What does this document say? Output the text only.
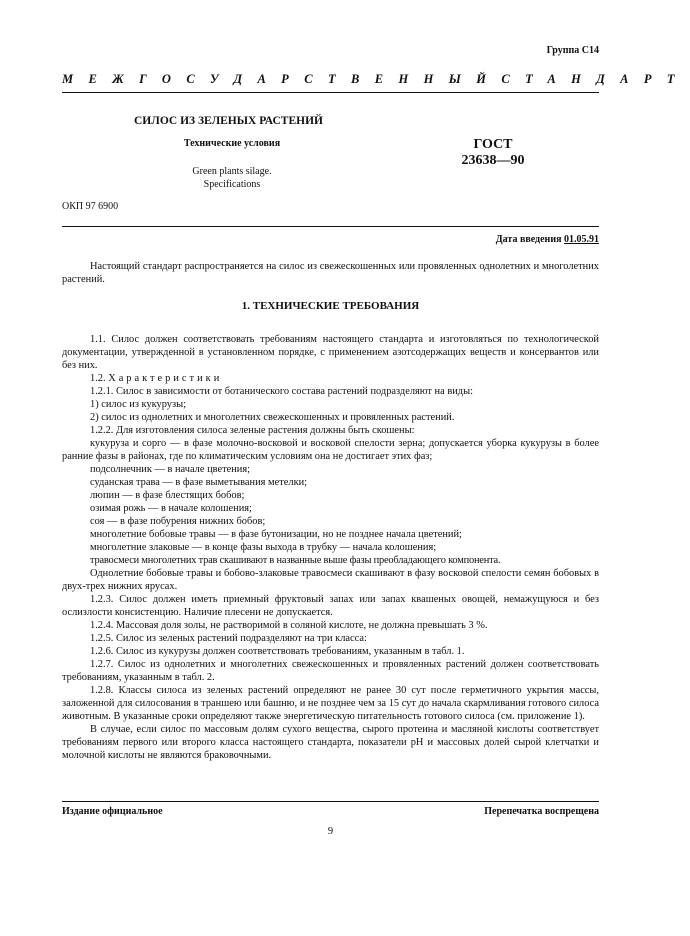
Группа С14
МЕЖГОСУДАРСТВЕННЫЙ СТАНДАРТ
СИЛОС ИЗ ЗЕЛЕНЫХ РАСТЕНИЙ
Технические условия
Green plants silage.
Specifications
ГОСТ
23638—90
ОКП 97 6900
Дата введения 01.05.91

Настоящий стандарт распространяется на силос из свежескошенных или провяленных однолетних и многолетних растений.

1. ТЕХНИЧЕСКИЕ ТРЕБОВАНИЯ

1.1. Силос должен соответствовать требованиям настоящего стандарта и изготовляться по технологической документации, утвержденной в установленном порядке, с применением азотсодержащих веществ и консервантов или без них.

1.2. Характеристики

1.2.1. Силос в зависимости от ботанического состава растений подразделяют на виды:

1) силос из кукурузы;

2) силос из однолетних и многолетних свежескошенных и провяленных растений.

1.2.2. Для изготовления силоса зеленые растения должны быть скошены:

кукуруза и сорго — в фазе молочно-восковой и восковой спелости зерна; допускается уборка кукурузы в более ранние фазы в районах, где по климатическим условиям она не достигает этих фаз;

подсолнечник — в начале цветения;

суданская трава — в фазе выметывания метелки;

люпин — в фазе блестящих бобов;

озимая рожь — в начале колошения;

соя — в фазе побурения нижних бобов;

многолетние бобовые травы — в фазе бутонизации, но не позднее начала цветений;

многолетние злаковые — в конце фазы выхода в трубку — начала колошения;

травосмеси многолетних трав скашивают в названные выше фазы преобладающего компонента.

Однолетние бобовые травы и бобово-злаковые травосмеси скашивают в фазу восковой спелости семян бобовых в двух-трех нижних ярусах.

1.2.3. Силос должен иметь приемный фруктовый запах или запах квашеных овощей, немажущуюся и без ослизлости консистенцию. Наличие плесени не допускается.

1.2.4. Массовая доля золы, не растворимой в соляной кислоте, не должна превышать 3 %.

1.2.5. Силос из зеленых растений подразделяют на три класса:

1.2.6. Силос из кукурузы должен соответствовать требованиям, указанным в табл. 1.

1.2.7. Силос из однолетних и многолетних свежескошенных и провяленных растений должен соответствовать требованиям, указанным в табл. 2.

1.2.8. Классы силоса из зеленых растений определяют не ранее 30 сут после герметичного укрытия массы, заложенной для силосования в траншею или башню, и не позднее чем за 15 сут до начала скармливания готового силоса животным. В указанные сроки определяют также энергетическую питательность готового силоса (см. приложение 1).

В случае, если силос по массовым долям сухого вещества, сырого протеина и масляной кислоты соответствует требованиям первого или второго класса настоящего стандарта, показатели pH и массовых долей сырой клетчатки и молочной кислоты не являются браковочными.

Издание официальное	Перепечатка воспрещена
9
